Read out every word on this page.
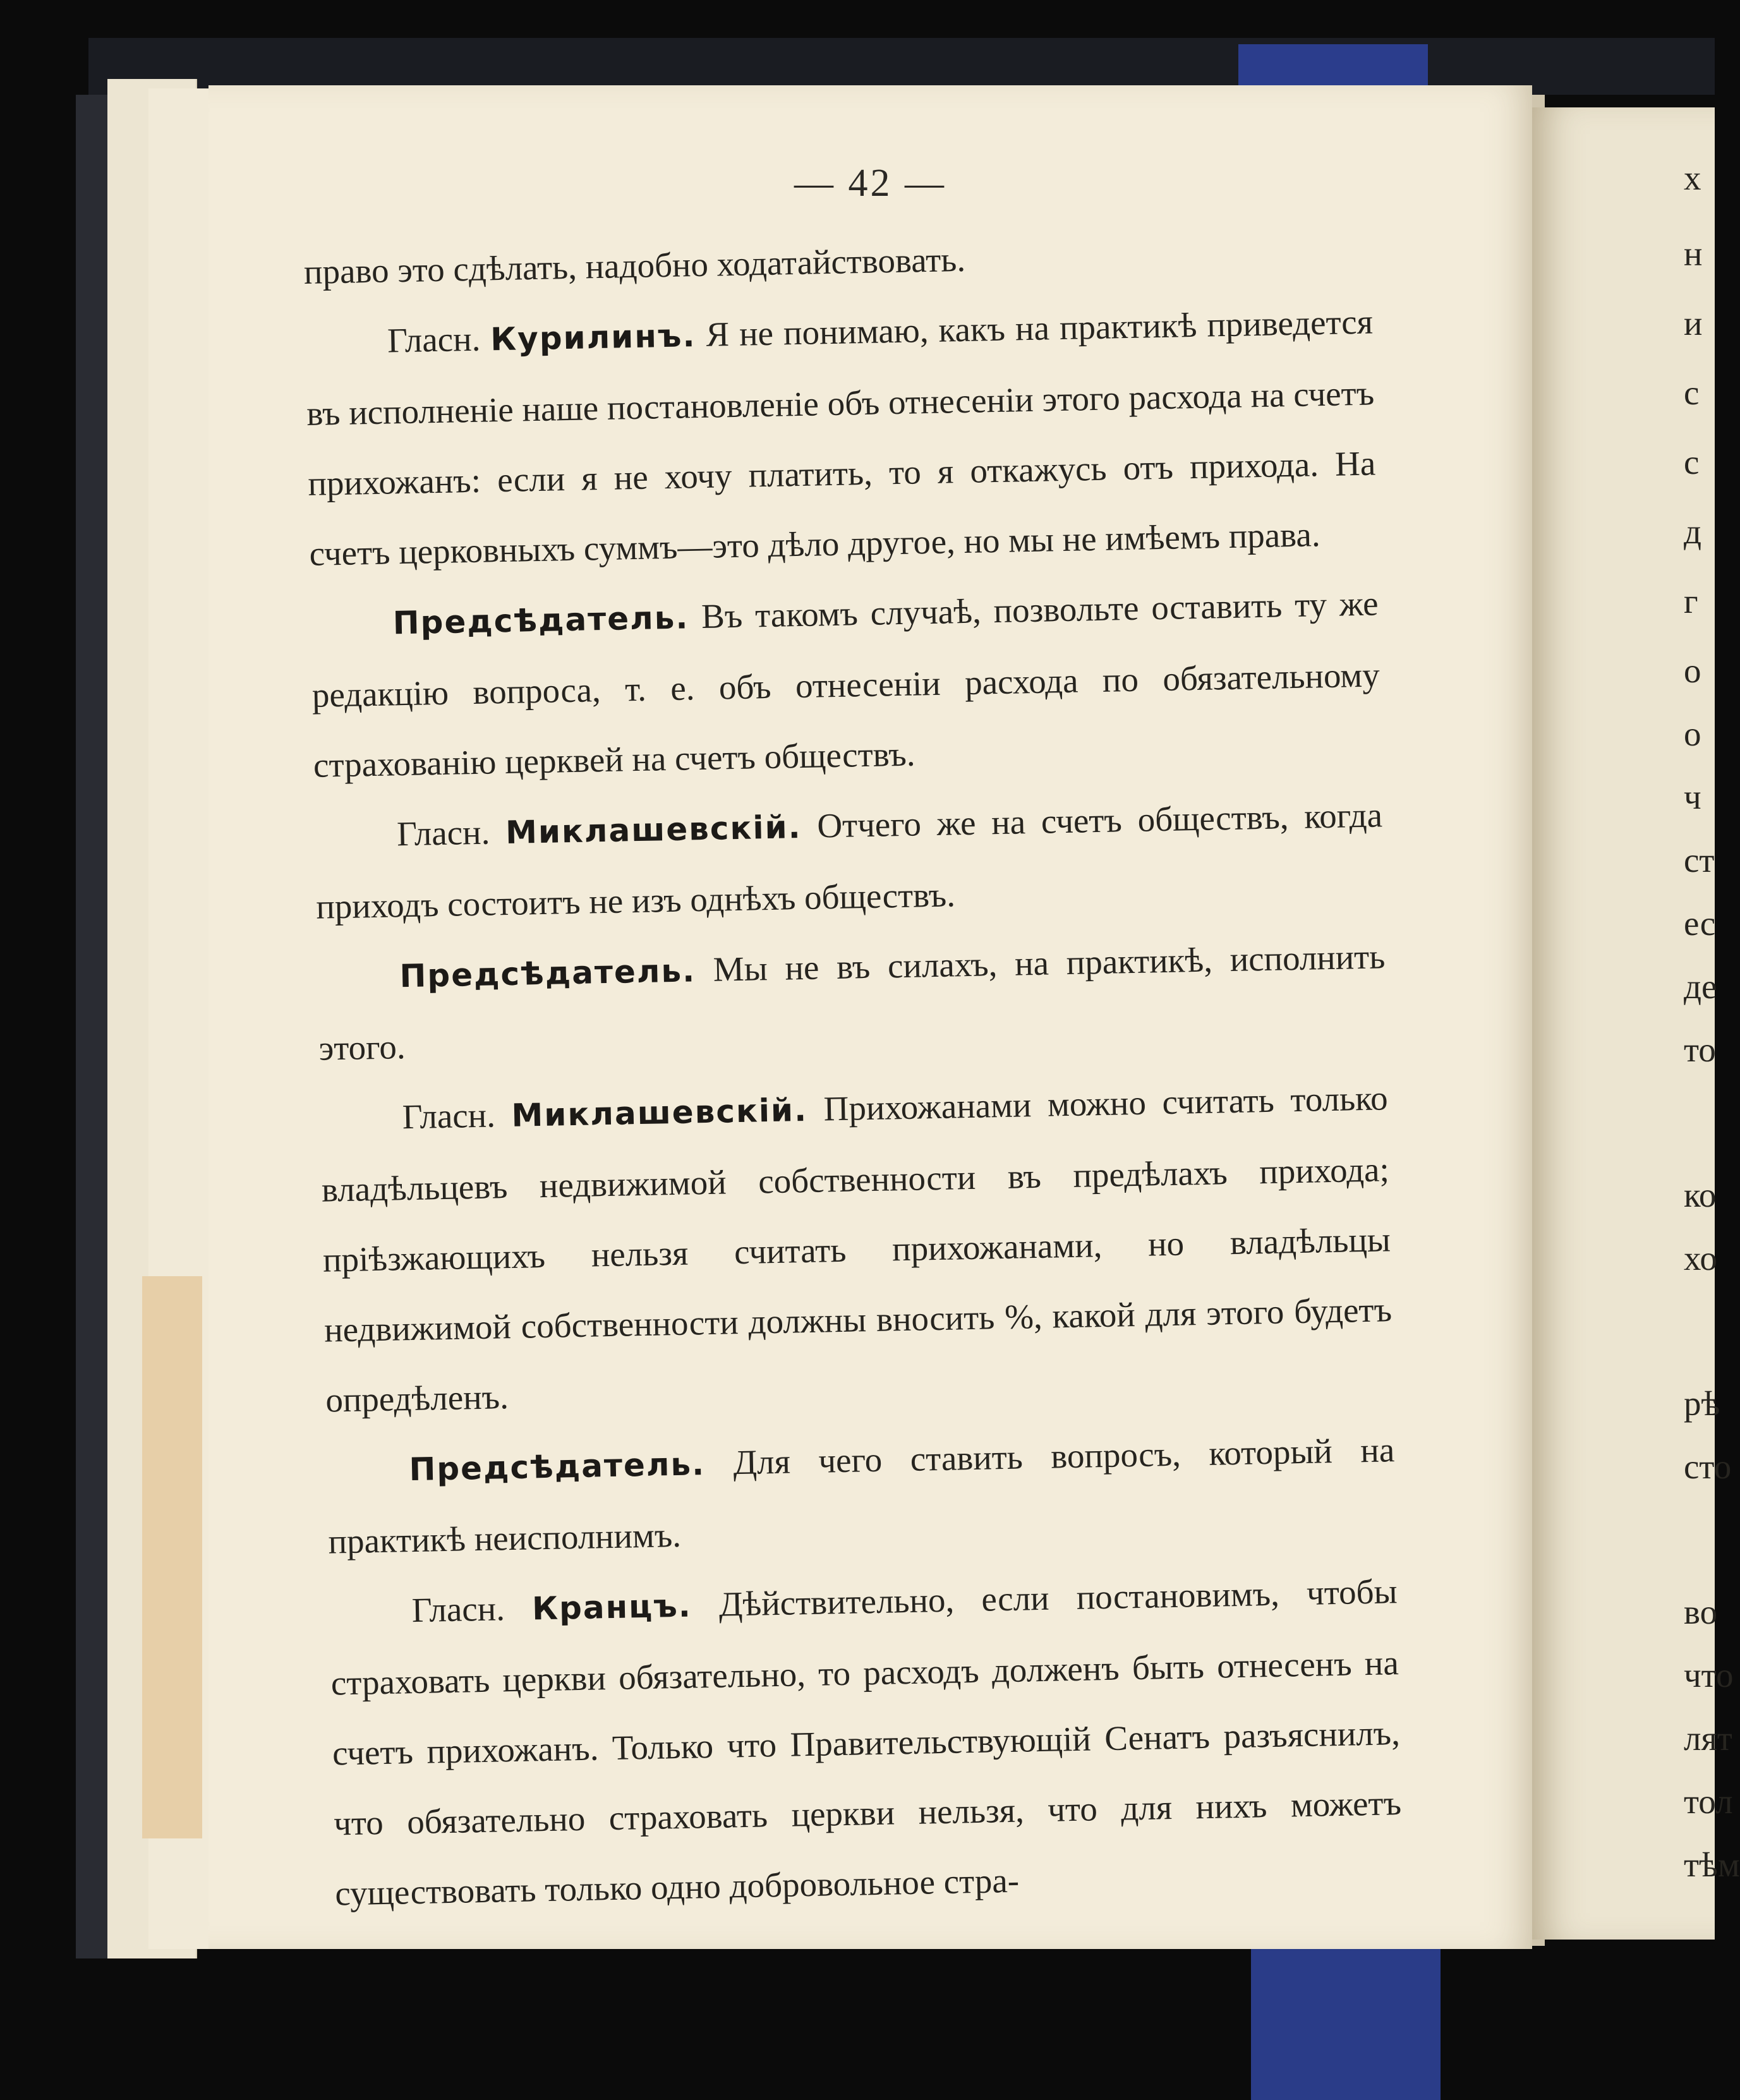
— 42 —

право это сдѣлать, надобно ходатайствовать.

Гласн. Курилинъ. Я не понимаю, какъ на практикѣ приведется въ исполненіе наше постановленіе объ отнесеніи этого расхода на счетъ прихожанъ: если я не хочу платить, то я откажусь отъ прихода. На счетъ церковныхъ суммъ—это дѣло другое, но мы не имѣемъ права.

Предсѣдатель. Въ такомъ случаѣ, позвольте оставить ту же редакцію вопроса, т. е. объ отнесеніи расхода по обязательному страхованію церквей на счетъ обществъ.

Гласн. Миклашевскій. Отчего же на счетъ обществъ, когда приходъ состоитъ не изъ однѣхъ обществъ.

Предсѣдатель. Мы не въ силахъ, на практикѣ, исполнить этого.

Гласн. Миклашевскій. Прихожанами можно считать только владѣльцевъ недвижимой собственности въ предѣлахъ прихода; пріѣзжающихъ нельзя считать прихожанами, но владѣльцы недвижимой собственности должны вносить %, какой для этого будетъ опредѣленъ.

Предсѣдатель. Для чего ставить вопросъ, который на практикѣ неисполнимъ.

Гласн. Кранцъ. Дѣйствительно, если постановимъ, чтобы страховать церкви обязательно, то расходъ долженъ быть отнесенъ на счетъ прихожанъ. Только что Правительствующій Сенатъ разъяснилъ, что обязательно страховать церкви нельзя, что для нихъ можетъ существовать только одно добровольное стра-

х
н
и
с
с
д
г
о
о
ч
ст
ес
де
то
ко
хо
рѣ
сто
во
что
лят
тол
тѣм
